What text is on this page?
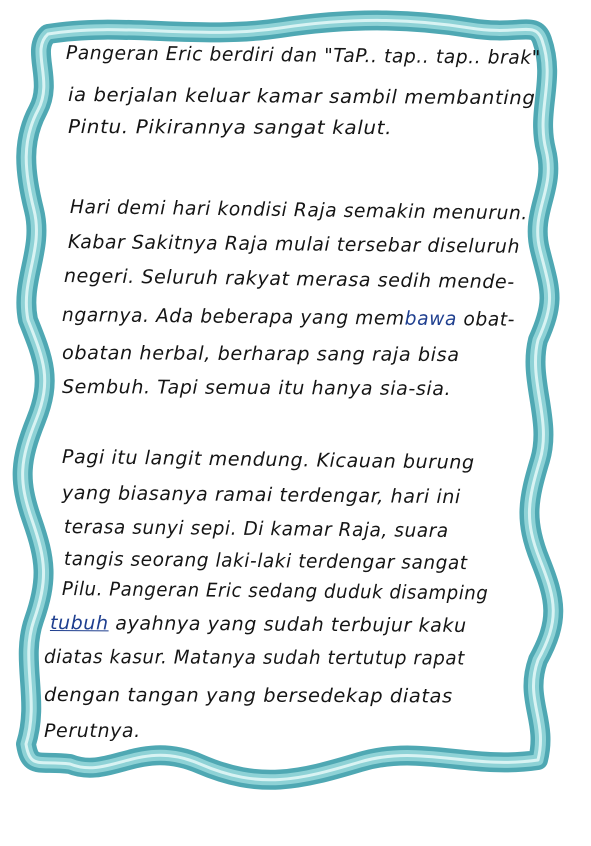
Pangeran Eric berdiri dan "TaP.. tap.. tap.. brak"
ia berjalan keluar kamar sambil membanting
Pintu. Pikirannya sangat kalut.
Hari demi hari kondisi Raja semakin menurun.
Kabar Sakitnya Raja mulai tersebar diseluruh
negeri. Seluruh rakyat merasa sedih mende-
ngarnya. Ada beberapa yang membawa obat-
obatan herbal, berharap sang raja bisa
Sembuh. Tapi semua itu hanya sia-sia.
Pagi itu langit mendung. Kicauan burung
yang biasanya ramai terdengar, hari ini
terasa sunyi sepi. Di kamar Raja, suara
tangis seorang laki-laki terdengar sangat
Pilu. Pangeran Eric sedang duduk disamping
tubuh ayahnya yang sudah terbujur kaku
diatas kasur. Matanya sudah tertutup rapat
dengan tangan yang bersedekap diatas
Perutnya.
